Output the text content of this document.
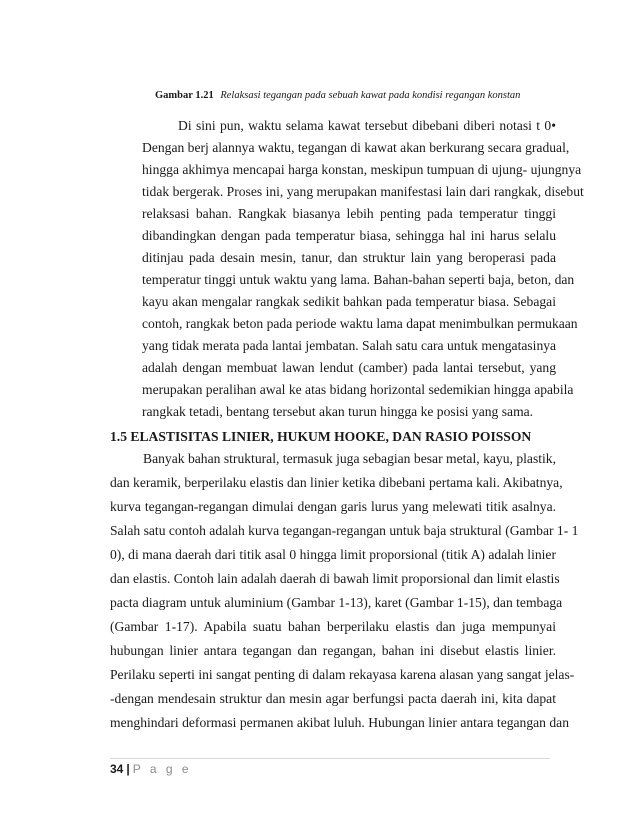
Gambar 1.21 Relaksasi tegangan pada sebuah kawat pada kondisi regangan konstan
Di sini pun, waktu selama kawat tersebut dibebani diberi notasi t 0•
Dengan berj alannya waktu, tegangan di kawat akan berkurang secara gradual,
hingga akhimya mencapai harga konstan, meskipun tumpuan di ujung- ujungnya
tidak bergerak. Proses ini, yang merupakan manifestasi lain dari rangkak, disebut
relaksasi bahan. Rangkak biasanya lebih penting pada temperatur tinggi
dibandingkan dengan pada temperatur biasa, sehingga hal ini harus selalu
ditinjau pada desain mesin, tanur, dan struktur lain yang beroperasi pada
temperatur tinggi untuk waktu yang lama. Bahan-bahan seperti baja, beton, dan
kayu akan mengalar rangkak sedikit bahkan pada temperatur biasa. Sebagai
contoh, rangkak beton pada periode waktu lama dapat menimbulkan permukaan
yang tidak merata pada lantai jembatan. Salah satu cara untuk mengatasinya
adalah dengan membuat lawan lendut (camber) pada lantai tersebut, yang
merupakan peralihan awal ke atas bidang horizontal sedemikian hingga apabila
rangkak tetadi, bentang tersebut akan turun hingga ke posisi yang sama.
1.5 ELASTISITAS LINIER, HUKUM HOOKE, DAN RASIO POISSON
Banyak bahan struktural, termasuk juga sebagian besar metal, kayu, plastik,
dan keramik, berperilaku elastis dan linier ketika dibebani pertama kali. Akibatnya,
kurva tegangan-regangan dimulai dengan garis lurus yang melewati titik asalnya.
Salah satu contoh adalah kurva tegangan-regangan untuk baja struktural (Gambar 1- 1
0), di mana daerah dari titik asal 0 hingga limit proporsional (titik A) adalah linier
dan elastis. Contoh lain adalah daerah di bawah limit proporsional dan limit elastis
pacta diagram untuk aluminium (Gambar 1-13), karet (Gambar 1-15), dan tembaga
(Gambar 1-17). Apabila suatu bahan berperilaku elastis dan juga mempunyai
hubungan linier antara tegangan dan regangan, bahan ini disebut elastis linier.
Perilaku seperti ini sangat penting di dalam rekayasa karena alasan yang sangat jelas-
-dengan mendesain struktur dan mesin agar berfungsi pacta daerah ini, kita dapat
menghindari deformasi permanen akibat luluh. Hubungan linier antara tegangan dan
34 | P a g e
